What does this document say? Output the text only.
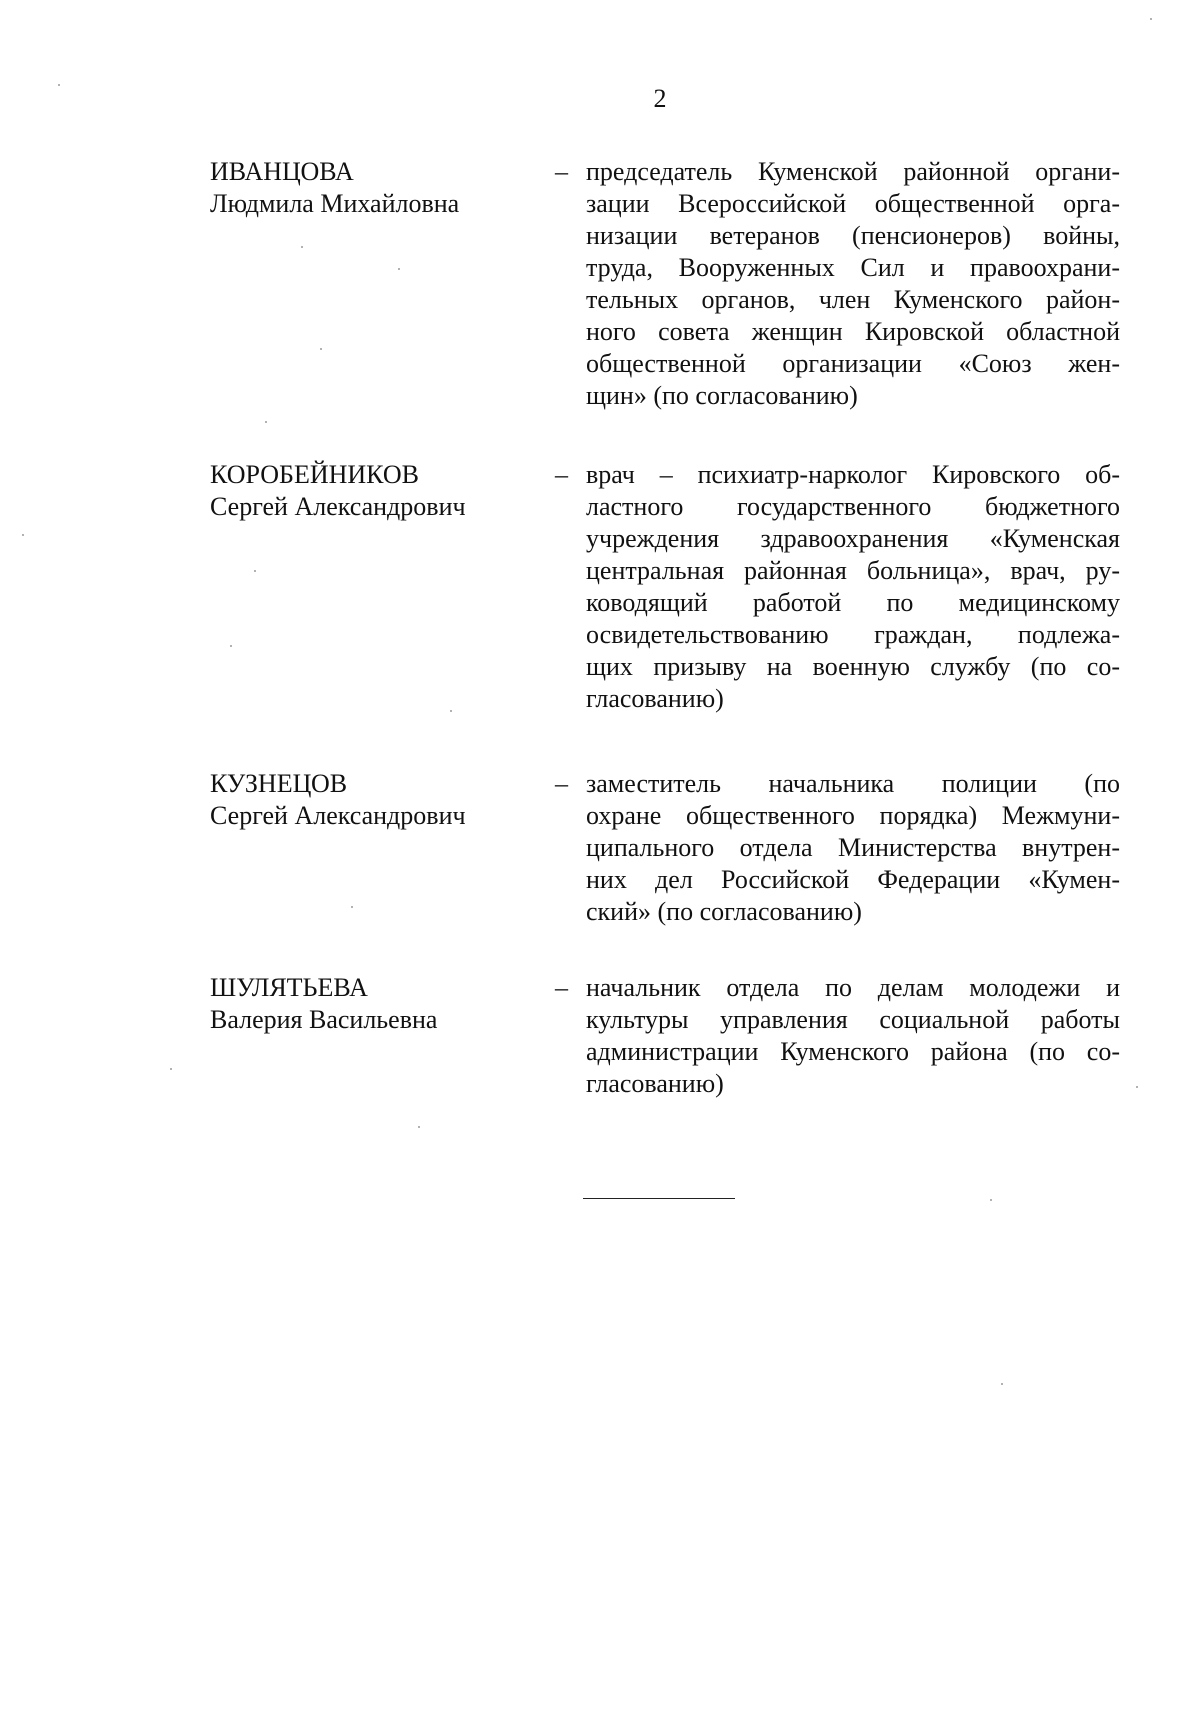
2
ИВАНЦОВА
Людмила Михайловна
– председатель Куменской районной органи-
зации Всероссийской общественной орга-
низации ветеранов (пенсионеров) войны,
труда, Вооруженных Сил и правоохрани-
тельных органов, член Куменского район-
ного совета женщин Кировской областной
общественной организации «Союз жен-
щин» (по согласованию)
КОРОБЕЙНИКОВ
Сергей Александрович
– врач – психиатр-нарколог Кировского об-
ластного государственного бюджетного
учреждения здравоохранения «Куменская
центральная районная больница», врач, ру-
ководящий работой по медицинскому
освидетельствованию граждан, подлежа-
щих призыву на военную службу (по со-
гласованию)
КУЗНЕЦОВ
Сергей Александрович
– заместитель начальника полиции (по
охране общественного порядка) Межмуни-
ципального отдела Министерства внутрен-
них дел Российской Федерации «Кумен-
ский» (по согласованию)
ШУЛЯТЬЕВА
Валерия Васильевна
– начальник отдела по делам молодежи и
культуры управления социальной работы
администрации Куменского района (по со-
гласованию)
